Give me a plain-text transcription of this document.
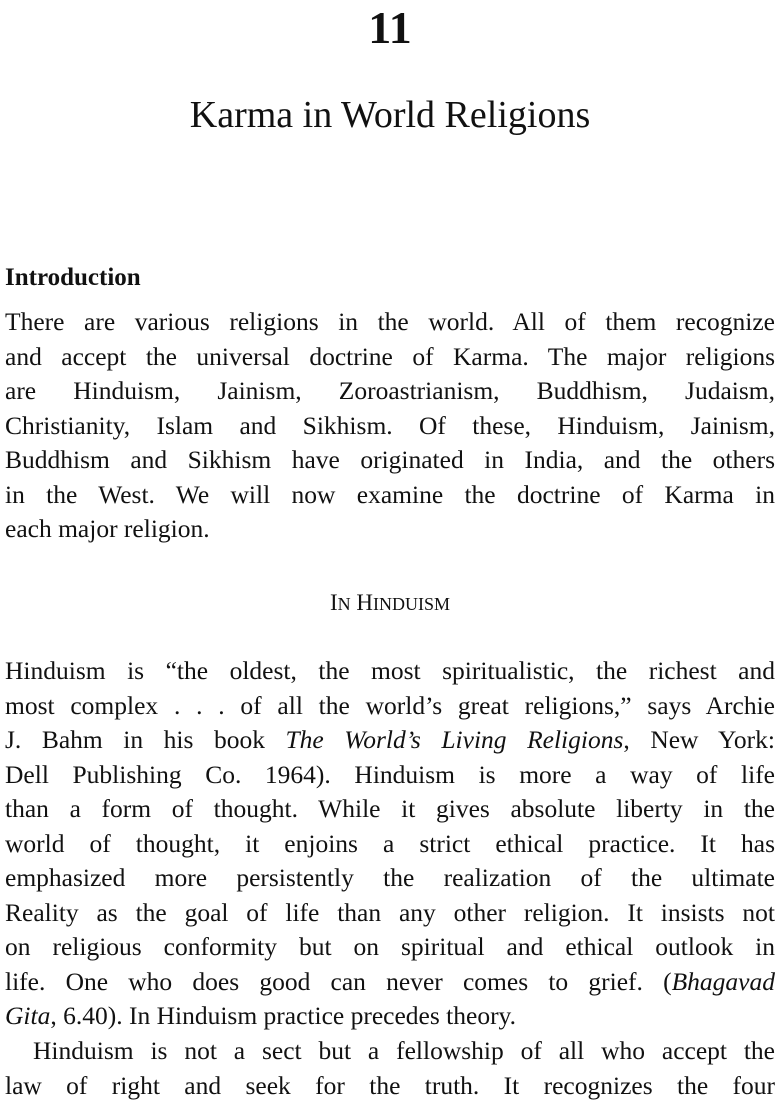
11
Karma in World Religions
Introduction

There are various religions in the world. All of them recognize
and accept the universal doctrine of Karma. The major religions
are Hinduism, Jainism, Zoroastrianism, Buddhism, Judaism,
Christianity, Islam and Sikhism. Of these, Hinduism, Jainism,
Buddhism and Sikhism have originated in India, and the others
in the West. We will now examine the doctrine of Karma in
each major religion.

IN HINDUISM

Hinduism is “the oldest, the most spiritualistic, the richest and
most complex . . . of all the world’s great religions,” says Archie
J. Bahm in his book The World’s Living Religions, New York:
Dell Publishing Co. 1964). Hinduism is more a way of life
than a form of thought. While it gives absolute liberty in the
world of thought, it enjoins a strict ethical practice. It has
emphasized more persistently the realization of the ultimate
Reality as the goal of life than any other religion. It insists not
on religious conformity but on spiritual and ethical outlook in
life. One who does good can never comes to grief. (Bhagavad
Gita, 6.40). In Hinduism practice precedes theory.

Hinduism is not a sect but a fellowship of all who accept the
law of right and seek for the truth. It recognizes the four
